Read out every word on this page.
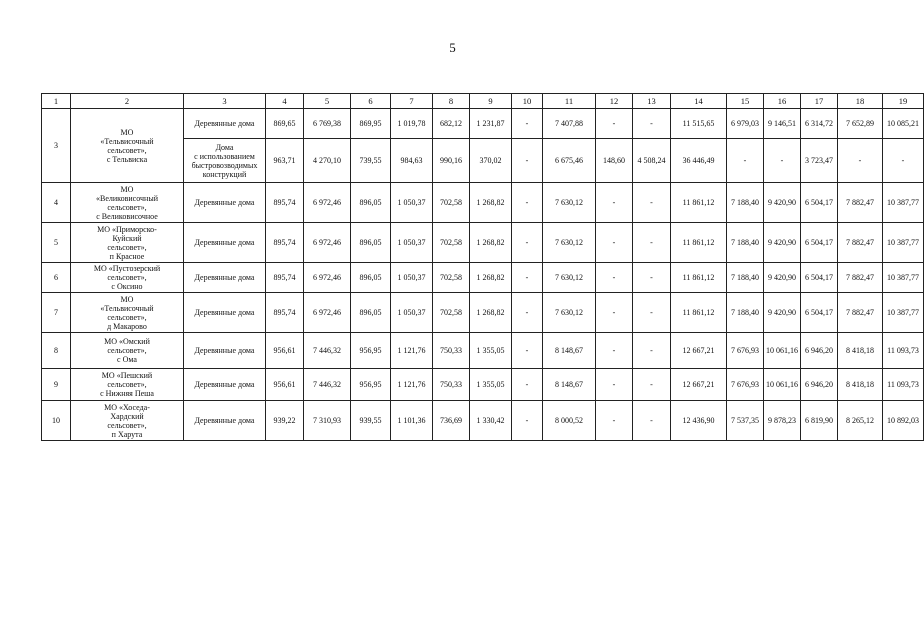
5
1	2	3	4	5	6	7	8	9	10	11	12	13	14	15	16	17	18	19
3	МО
«Тельвисочный
сельсовет»,
с Тельвиска	Деревянные дома	869,65	6 769,38	869,95	1 019,78	682,12	1 231,87	-	7 407,88	-	-	11 515,65	6 979,03	9 146,51	6 314,72	7 652,89	10 085,21

		Дома
с использованием
быстровозводимых
конструкций	963,71	4 270,10	739,55	984,63	990,16	370,02	-	6 675,46	148,60	4 508,24	36 446,49	-	-	3 723,47	-	-
4	МО
«Великовисочный
сельсовет»,
с Великовисочное	Деревянные дома	895,74	6 972,46	896,05	1 050,37	702,58	1 268,82	-	7 630,12	-	-	11 861,12	7 188,40	9 420,90	6 504,17	7 882,47	10 387,77
5	МО «Приморско-
Куйский
сельсовет»,
п Красное	Деревянные дома	895,74	6 972,46	896,05	1 050,37	702,58	1 268,82	-	7 630,12	-	-	11 861,12	7 188,40	9 420,90	6 504,17	7 882,47	10 387,77
6	МО «Пустозерский
сельсовет»,
с Оксино	Деревянные дома	895,74	6 972,46	896,05	1 050,37	702,58	1 268,82	-	7 630,12	-	-	11 861,12	7 188,40	9 420,90	6 504,17	7 882,47	10 387,77
7	МО
«Тельвисочный
сельсовет»,
д Макарово	Деревянные дома	895,74	6 972,46	896,05	1 050,37	702,58	1 268,82	-	7 630,12	-	-	11 861,12	7 188,40	9 420,90	6 504,17	7 882,47	10 387,77
8	МО «Омский
сельсовет»,
с Ома	Деревянные дома	956,61	7 446,32	956,95	1 121,76	750,33	1 355,05	-	8 148,67	-	-	12 667,21	7 676,93	10 061,16	6 946,20	8 418,18	11 093,73
9	МО «Пешский
сельсовет»,
с Нижняя Пеша	Деревянные дома	956,61	7 446,32	956,95	1 121,76	750,33	1 355,05	-	8 148,67	-	-	12 667,21	7 676,93	10 061,16	6 946,20	8 418,18	11 093,73
10	МО «Хоседа-
Хардский
сельсовет»,
п Харута	Деревянные дома	939,22	7 310,93	939,55	1 101,36	736,69	1 330,42	-	8 000,52	-	-	12 436,90	7 537,35	9 878,23	6 819,90	8 265,12	10 892,03
